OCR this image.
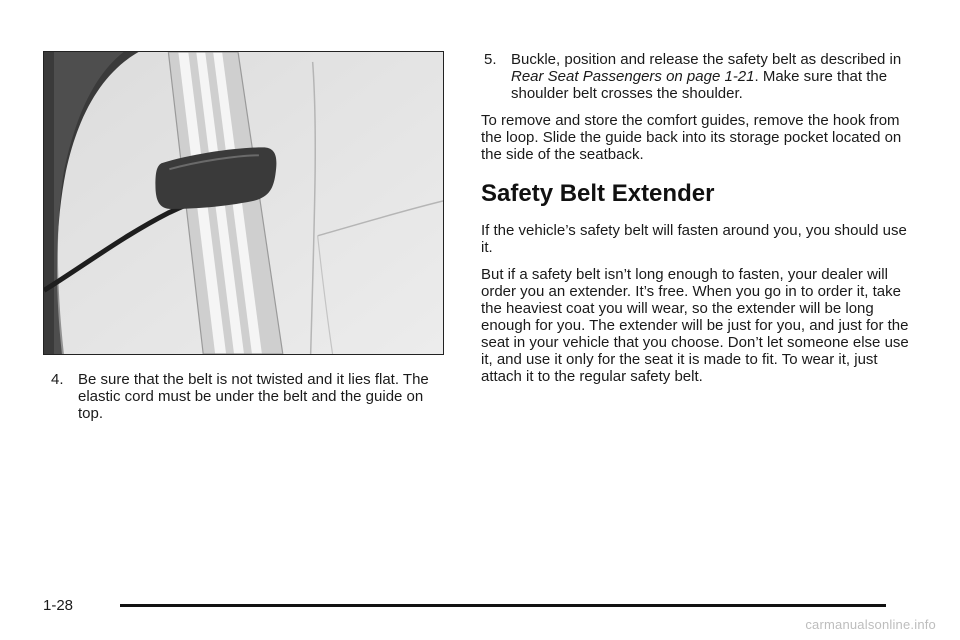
4. Be sure that the belt is not twisted and it lies flat. The elastic cord must be under the belt and the guide on top.

5. Buckle, position and release the safety belt as described in Rear Seat Passengers on page 1-21. Make sure that the shoulder belt crosses the shoulder.

To remove and store the comfort guides, remove the hook from the loop. Slide the guide back into its storage pocket located on the side of the seatback.

Safety Belt Extender

If the vehicle’s safety belt will fasten around you, you should use it.

But if a safety belt isn’t long enough to fasten, your dealer will order you an extender. It’s free. When you go in to order it, take the heaviest coat you will wear, so the extender will be long enough for you. The extender will be just for you, and just for the seat in your vehicle that you choose. Don’t let someone else use it, and use it only for the seat it is made to fit. To wear it, just attach it to the regular safety belt.

1-28
carmanualsonline.info
